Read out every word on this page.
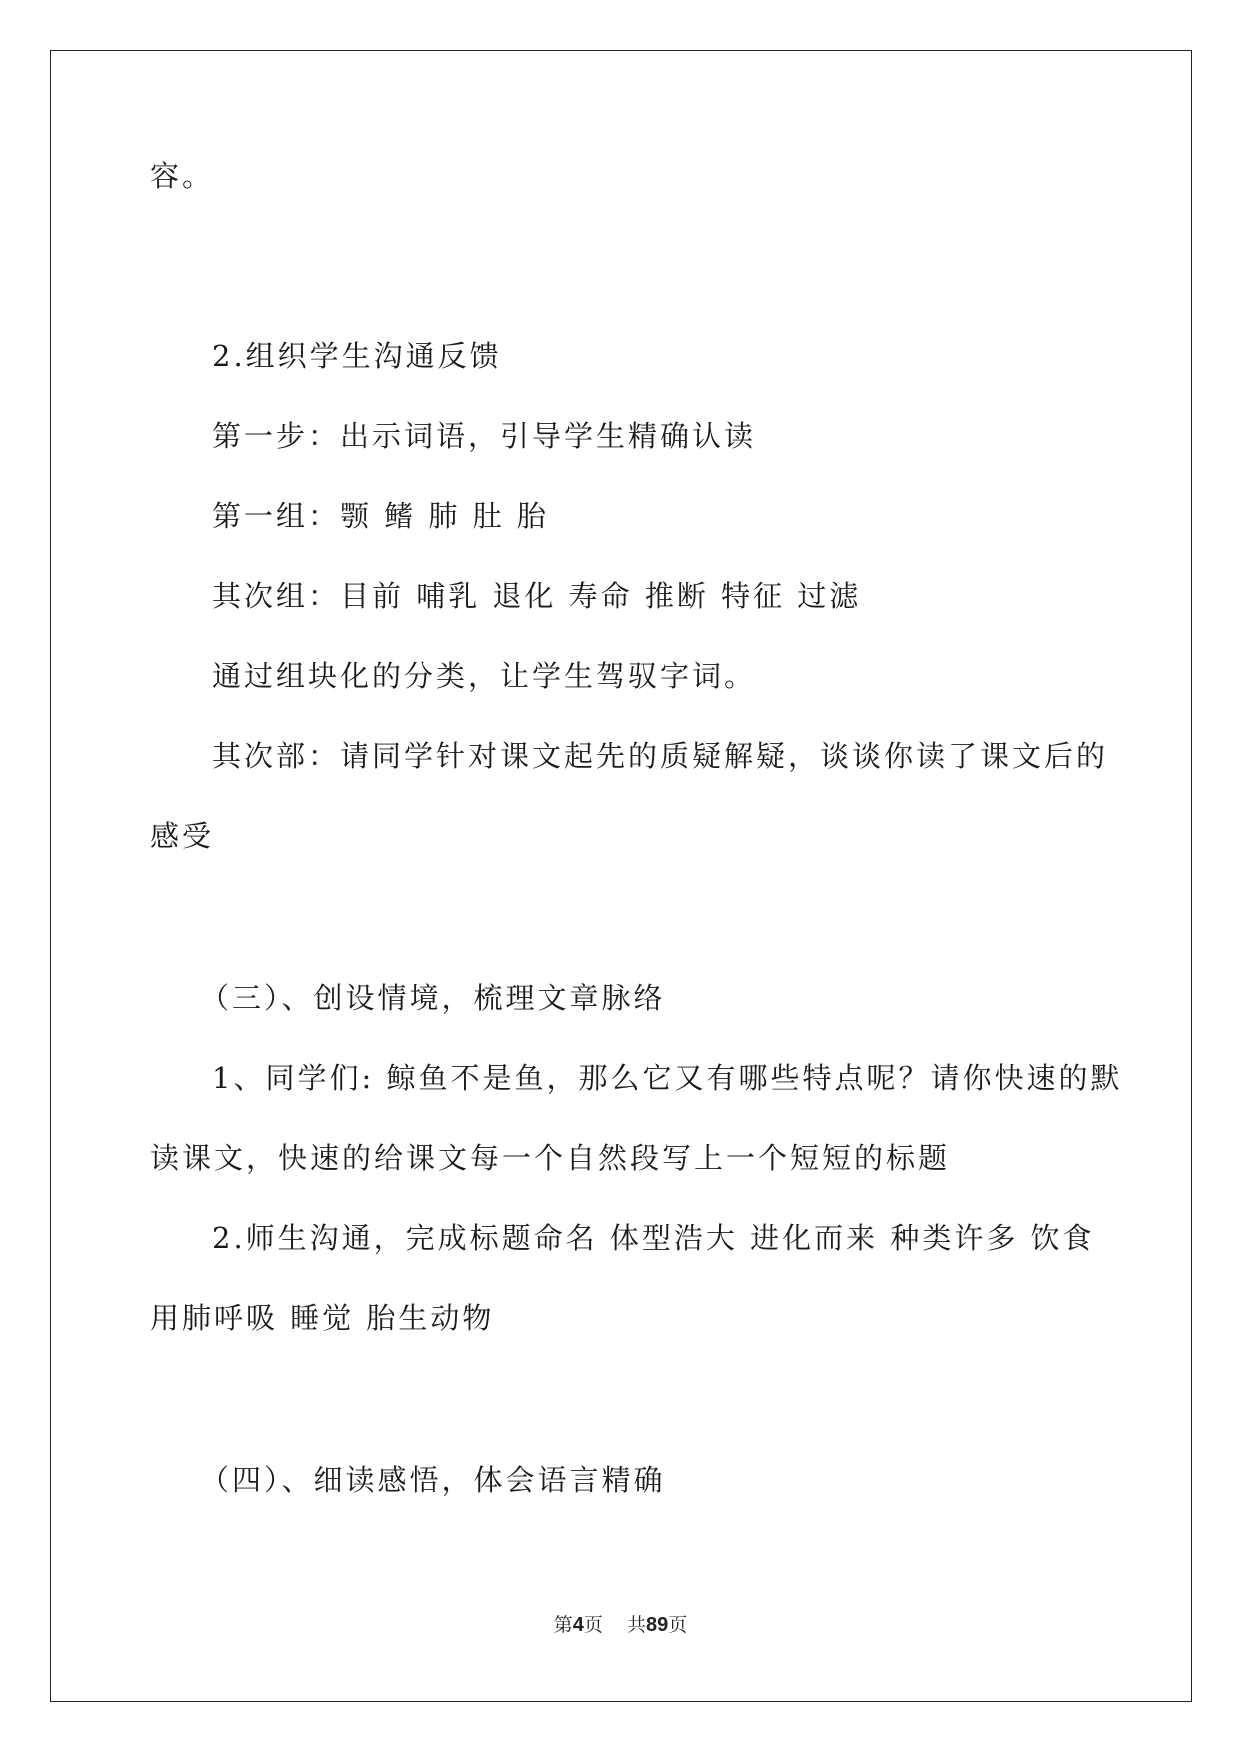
容。
2.组织学生沟通反馈
第一步：出示词语，引导学生精确认读
第一组：颚 鳍 肺 肚 胎
其次组：目前 哺乳 退化 寿命 推断 特征 过滤
通过组块化的分类，让学生驾驭字词。
其次部：请同学针对课文起先的质疑解疑，谈谈你读了课文后的
感受
（三）、创设情境，梳理文章脉络
1、同学们: 鲸鱼不是鱼，那么它又有哪些特点呢？请你快速的默
读课文，快速的给课文每一个自然段写上一个短短的标题
2.师生沟通，完成标题命名 体型浩大 进化而来 种类许多 饮食
用肺呼吸 睡觉 胎生动物
（四）、细读感悟，体会语言精确
第4页 共89页
